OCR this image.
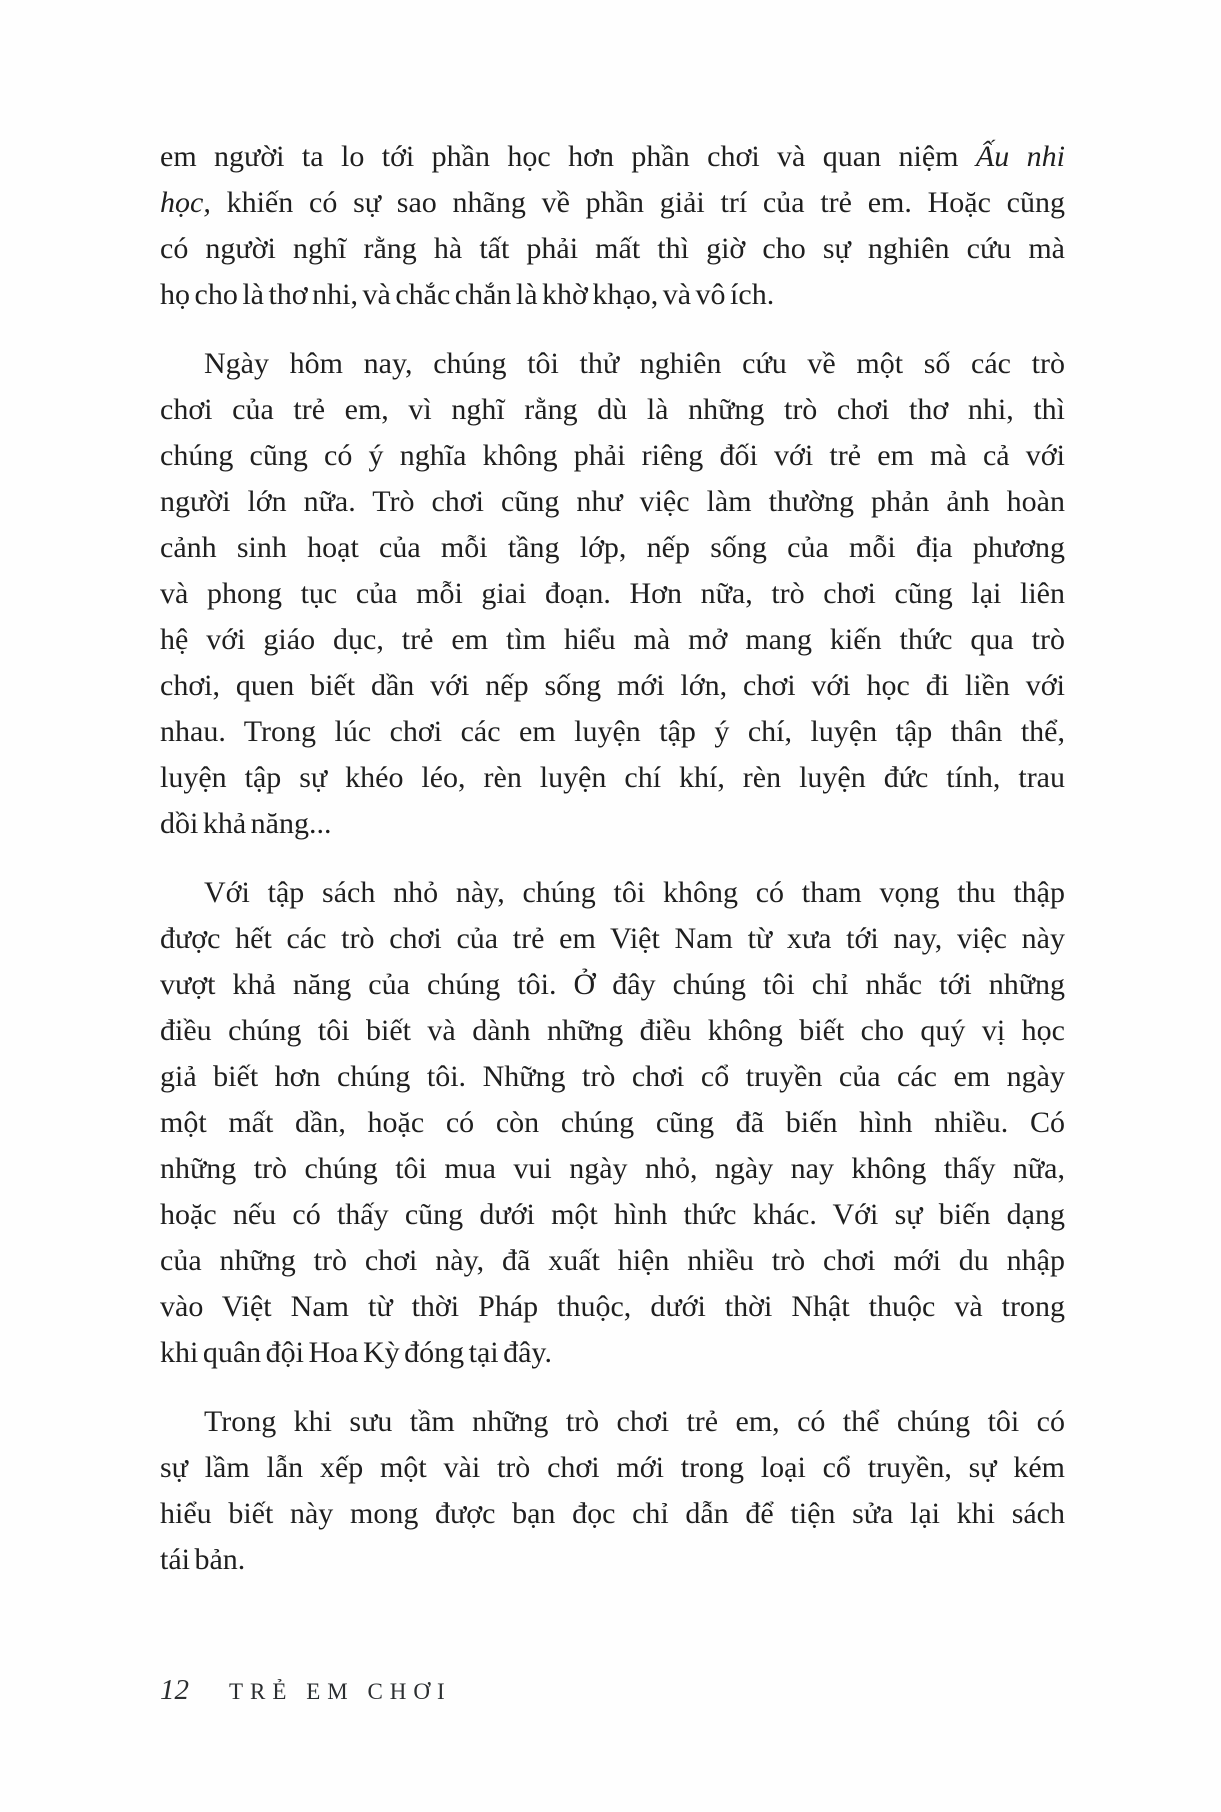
em người ta lo tới phần học hơn phần chơi và quan niệm Ấu nhi
học, khiến có sự sao nhãng về phần giải trí của trẻ em. Hoặc cũng
có người nghĩ rằng hà tất phải mất thì giờ cho sự nghiên cứu mà
họ cho là thơ nhi, và chắc chắn là khờ khạo, và vô ích.
Ngày hôm nay, chúng tôi thử nghiên cứu về một số các trò
chơi của trẻ em, vì nghĩ rằng dù là những trò chơi thơ nhi, thì
chúng cũng có ý nghĩa không phải riêng đối với trẻ em mà cả với
người lớn nữa. Trò chơi cũng như việc làm thường phản ảnh hoàn
cảnh sinh hoạt của mỗi tầng lớp, nếp sống của mỗi địa phương
và phong tục của mỗi giai đoạn. Hơn nữa, trò chơi cũng lại liên
hệ với giáo dục, trẻ em tìm hiểu mà mở mang kiến thức qua trò
chơi, quen biết dần với nếp sống mới lớn, chơi với học đi liền với
nhau. Trong lúc chơi các em luyện tập ý chí, luyện tập thân thể,
luyện tập sự khéo léo, rèn luyện chí khí, rèn luyện đức tính, trau
dồi khả năng...
Với tập sách nhỏ này, chúng tôi không có tham vọng thu thập
được hết các trò chơi của trẻ em Việt Nam từ xưa tới nay, việc này
vượt khả năng của chúng tôi. Ở đây chúng tôi chỉ nhắc tới những
điều chúng tôi biết và dành những điều không biết cho quý vị học
giả biết hơn chúng tôi. Những trò chơi cổ truyền của các em ngày
một mất dần, hoặc có còn chúng cũng đã biến hình nhiều. Có
những trò chúng tôi mua vui ngày nhỏ, ngày nay không thấy nữa,
hoặc nếu có thấy cũng dưới một hình thức khác. Với sự biến dạng
của những trò chơi này, đã xuất hiện nhiều trò chơi mới du nhập
vào Việt Nam từ thời Pháp thuộc, dưới thời Nhật thuộc và trong
khi quân đội Hoa Kỳ đóng tại đây.
Trong khi sưu tầm những trò chơi trẻ em, có thể chúng tôi có
sự lầm lẫn xếp một vài trò chơi mới trong loại cổ truyền, sự kém
hiểu biết này mong được bạn đọc chỉ dẫn để tiện sửa lại khi sách
tái bản.
12 TRẺ EM CHƠI
